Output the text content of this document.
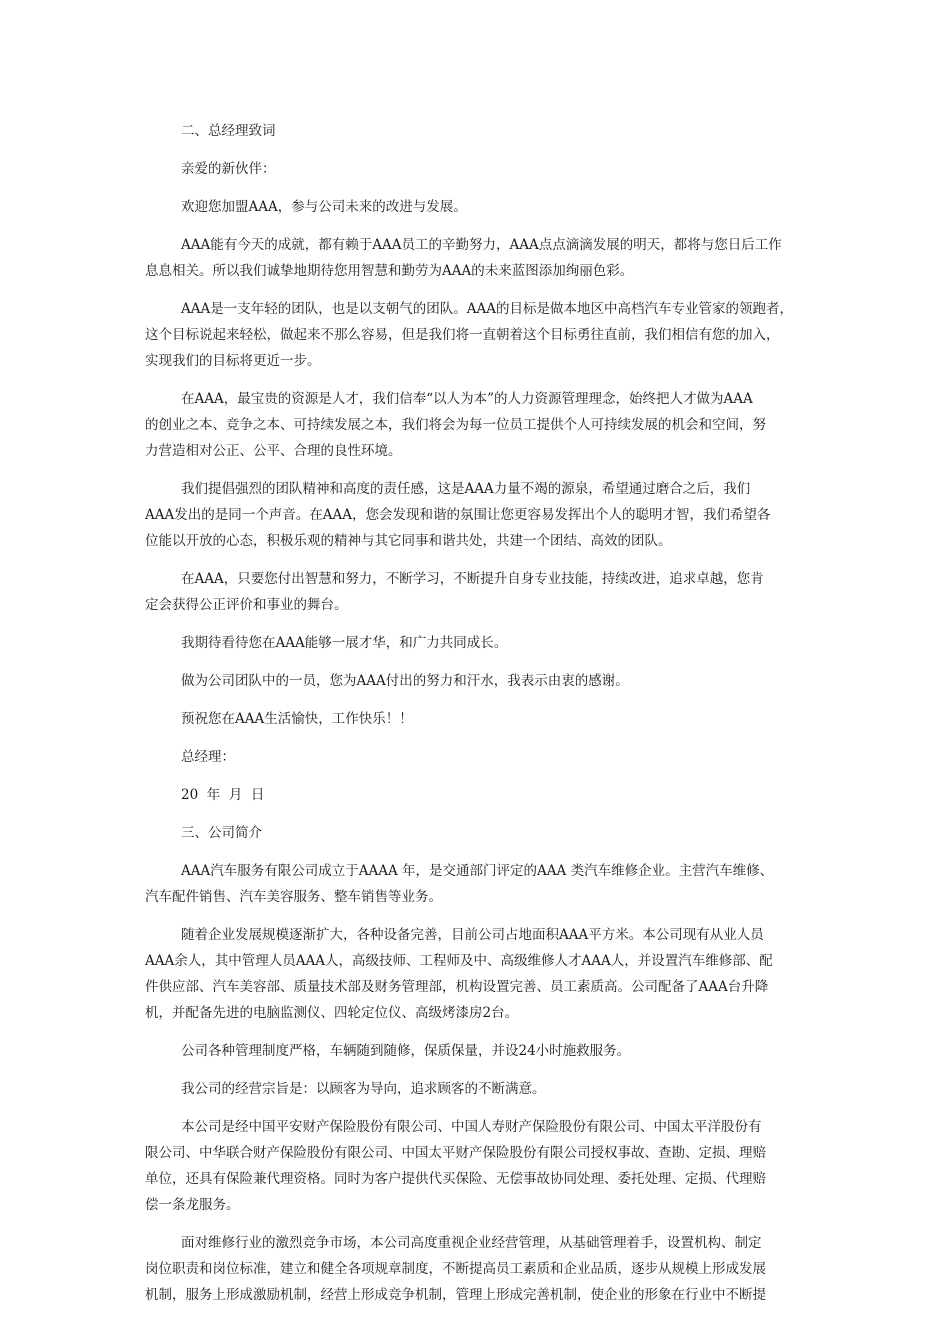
二、总经理致词
亲爱的新伙伴：
欢迎您加盟AAA，参与公司未来的改进与发展。
AAA能有今天的成就，都有赖于AAA员工的辛勤努力，AAA点点滴滴发展的明天，都将与您日后工作
息息相关。所以我们诚挚地期待您用智慧和勤劳为AAA的未来蓝图添加绚丽色彩。
AAA是一支年轻的团队，也是以支朝气的团队。AAA的目标是做本地区中高档汽车专业管家的领跑者，
这个目标说起来轻松，做起来不那么容易，但是我们将一直朝着这个目标勇往直前，我们相信有您的加入，
实现我们的目标将更近一步。
在AAA，最宝贵的资源是人才，我们信奉“以人为本”的人力资源管理理念，始终把人才做为AAA
的创业之本、竞争之本、可持续发展之本，我们将会为每一位员工提供个人可持续发展的机会和空间，努
力营造相对公正、公平、合理的良性环境。
我们提倡强烈的团队精神和高度的责任感，这是AAA力量不竭的源泉，希望通过磨合之后，我们
AAA发出的是同一个声音。在AAA，您会发现和谐的氛围让您更容易发挥出个人的聪明才智，我们希望各
位能以开放的心态，积极乐观的精神与其它同事和谐共处，共建一个团结、高效的团队。
在AAA，只要您付出智慧和努力，不断学习，不断提升自身专业技能，持续改进，追求卓越，您肯
定会获得公正评价和事业的舞台。
我期待看待您在AAA能够一展才华，和广力共同成长。
做为公司团队中的一员，您为AAA付出的努力和汗水，我表示由衷的感谢。
预祝您在AAA生活愉快，工作快乐！！
总经理：
20  年  月  日
三、公司简介
AAA汽车服务有限公司成立于AAAA 年，是交通部门评定的AAA 类汽车维修企业。主营汽车维修、
汽车配件销售、汽车美容服务、整车销售等业务。
随着企业发展规模逐渐扩大，各种设备完善，目前公司占地面积AAA平方米。本公司现有从业人员
AAA余人，其中管理人员AAA人，高级技师、工程师及中、高级维修人才AAA人，并设置汽车维修部、配
件供应部、汽车美容部、质量技术部及财务管理部，机构设置完善、员工素质高。公司配备了AAA台升降
机，并配备先进的电脑监测仪、四轮定位仪、高级烤漆房2台。
公司各种管理制度严格，车辆随到随修，保质保量，并设24小时施救服务。
我公司的经营宗旨是：以顾客为导向，追求顾客的不断满意。
本公司是经中国平安财产保险股份有限公司、中国人寿财产保险股份有限公司、中国太平洋股份有
限公司、中华联合财产保险股份有限公司、中国太平财产保险股份有限公司授权事故、查勘、定损、理赔
单位，还具有保险兼代理资格。同时为客户提供代买保险、无偿事故协同处理、委托处理、定损、代理赔
偿一条龙服务。
面对维修行业的激烈竞争市场，本公司高度重视企业经营管理，从基础管理着手，设置机构、制定
岗位职责和岗位标准，建立和健全各项规章制度，不断提高员工素质和企业品质，逐步从规模上形成发展
机制，服务上形成激励机制，经营上形成竞争机制，管理上形成完善机制，使企业的形象在行业中不断提
